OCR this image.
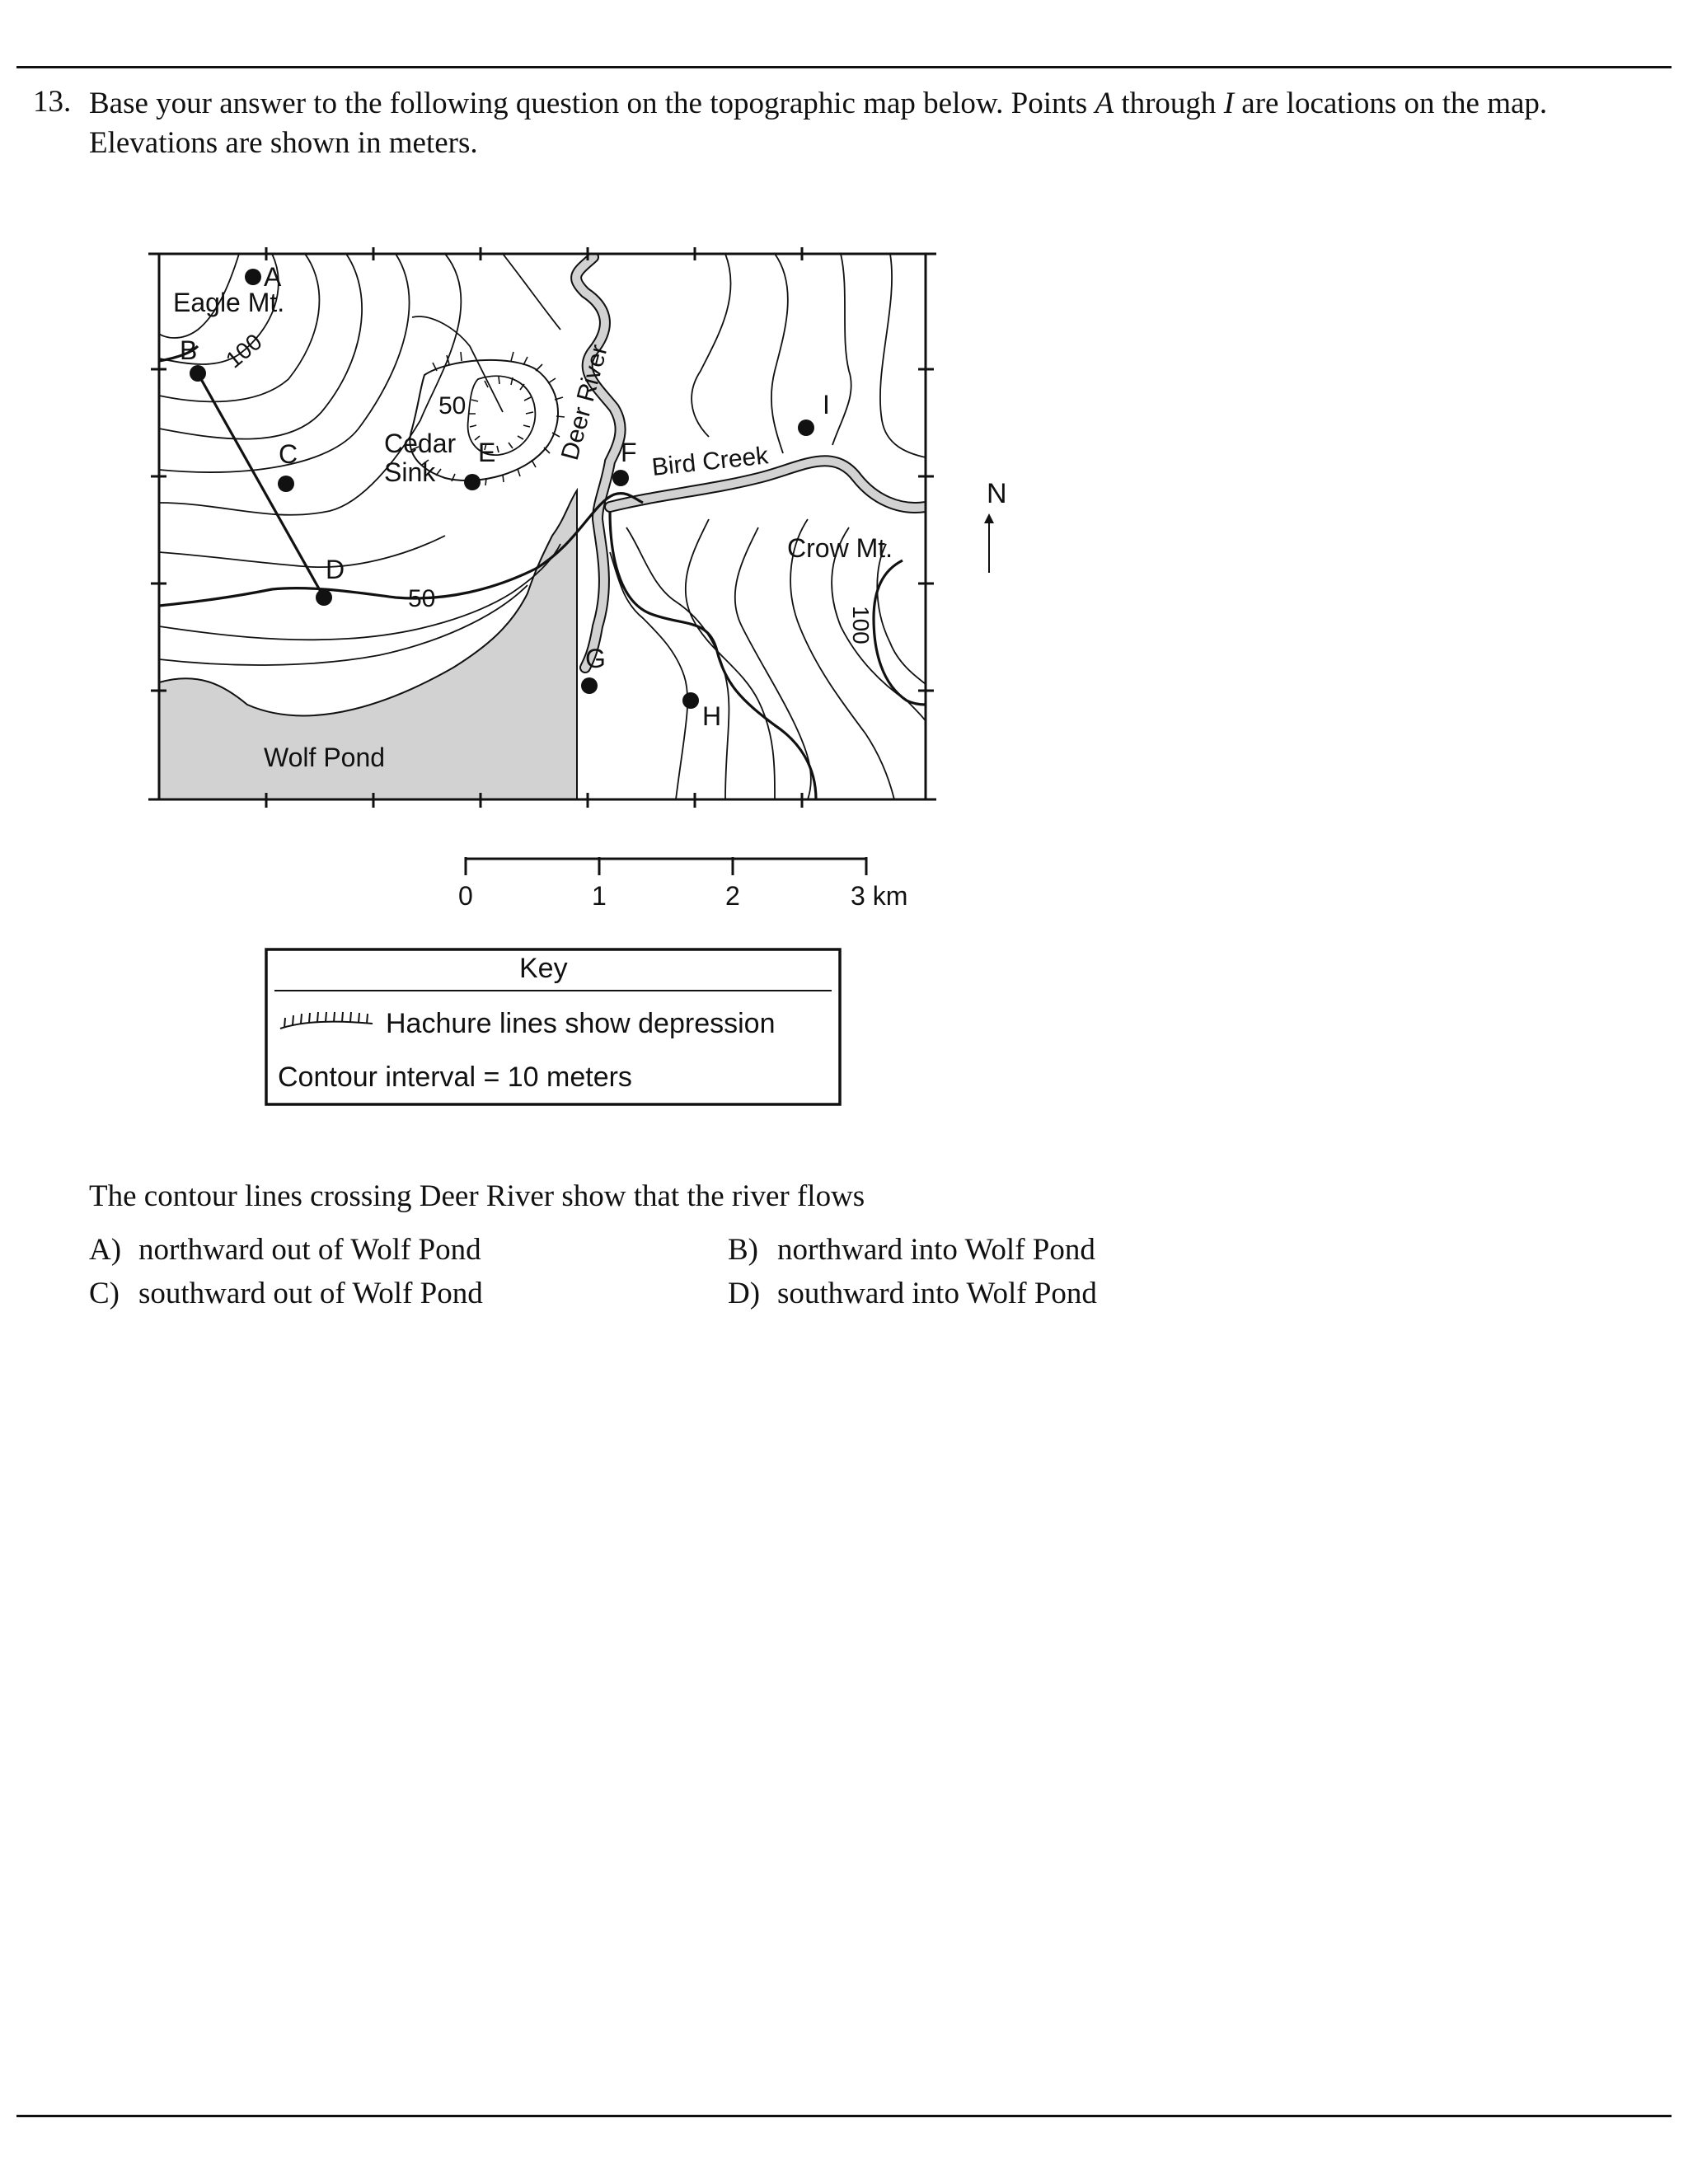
13. Base your answer to the following question on the topographic map below. Points A through I are locations on the map. Elevations are shown in meters.
A
Eagle Mt.
B 100
C
D
50
50
Cedar
Sink
E Deer River F Bird Creek
I
Crow Mt.
100
G
H
Wolf Pond
N
0	1	2	3 km
Key
Hachure lines show depression
Contour interval = 10 meters
The contour lines crossing Deer River show that the river flows
A) northward out of Wolf Pond	B) northward into Wolf Pond
C) southward out of Wolf Pond	D) southward into Wolf Pond
